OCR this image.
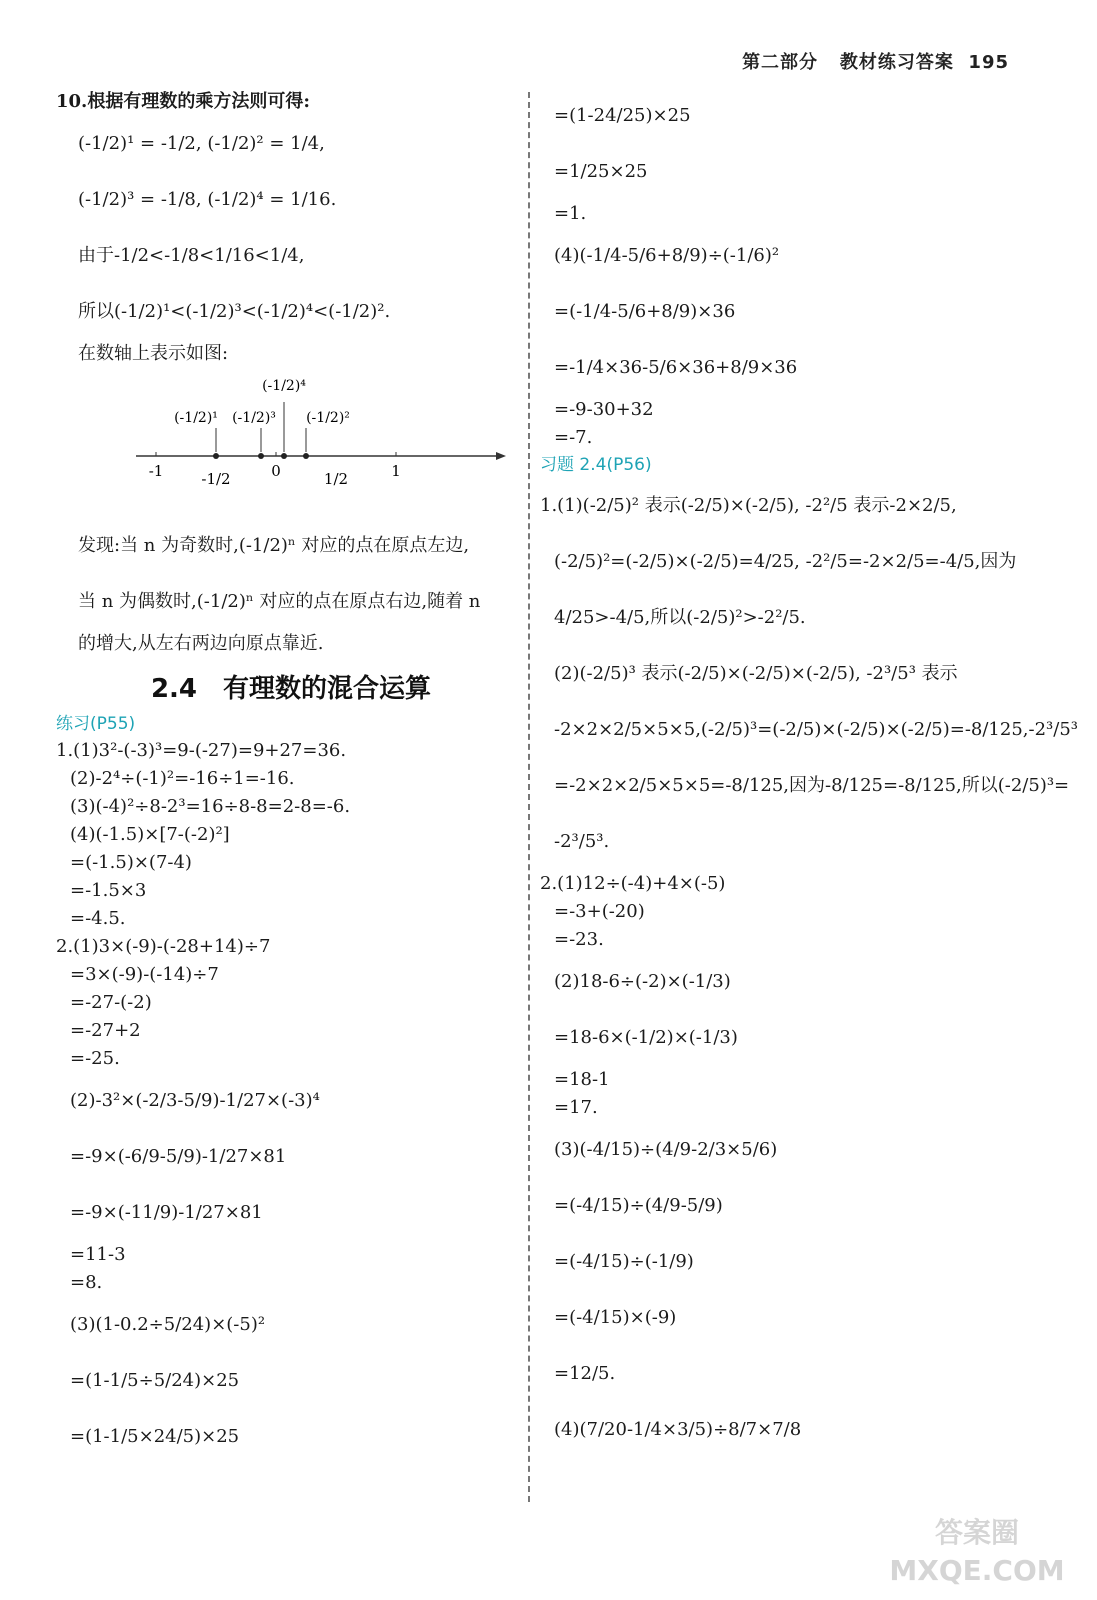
第二部分 教材练习答案 195
10.根据有理数的乘方法则可得:
(-1/2)¹ = -1/2, (-1/2)² = 1/4,
(-1/2)³ = -1/8, (-1/2)⁴ = 1/16.
由于-1/2<-1/8<1/16<1/4,
所以(-1/2)¹<(-1/2)³<(-1/2)⁴<(-1/2)².
在数轴上表示如图:
(-1/2)⁴
(-1/2)¹ (-1/2)³ (-1/2)²
-1	0	1
-1/2	1/2
发现:当 n 为奇数时,(-1/2)ⁿ 对应的点在原点左边,
当 n 为偶数时,(-1/2)ⁿ 对应的点在原点右边,随着 n
的增大,从左右两边向原点靠近.
2.4 有理数的混合运算
练习(P55)
1.(1)3²-(-3)³=9-(-27)=9+27=36.
(2)-2⁴÷(-1)²=-16÷1=-16.
(3)(-4)²÷8-2³=16÷8-8=2-8=-6.
(4)(-1.5)×[7-(-2)²]
=(-1.5)×(7-4)
=-1.5×3
=-4.5.
2.(1)3×(-9)-(-28+14)÷7
=3×(-9)-(-14)÷7
=-27-(-2)
=-27+2
=-25.
(2)-3²×(-2/3-5/9)-1/27×(-3)⁴
=-9×(-6/9-5/9)-1/27×81
=-9×(-11/9)-1/27×81
=11-3
=8.
(3)(1-0.2÷5/24)×(-5)²
=(1-1/5÷5/24)×25
=(1-1/5×24/5)×25
=(1-24/25)×25
=1/25×25
=1.
(4)(-1/4-5/6+8/9)÷(-1/6)²
=(-1/4-5/6+8/9)×36
=-1/4×36-5/6×36+8/9×36
=-9-30+32
=-7.
习题 2.4(P56)
1.(1)(-2/5)² 表示(-2/5)×(-2/5), -2²/5 表示-2×2/5,
(-2/5)²=(-2/5)×(-2/5)=4/25, -2²/5=-2×2/5=-4/5,因为
4/25>-4/5,所以(-2/5)²>-2²/5.
(2)(-2/5)³ 表示(-2/5)×(-2/5)×(-2/5), -2³/5³ 表示
-2×2×2/5×5×5,(-2/5)³=(-2/5)×(-2/5)×(-2/5)=-8/125,-2³/5³
=-2×2×2/5×5×5=-8/125,因为-8/125=-8/125,所以(-2/5)³=
-2³/5³.
2.(1)12÷(-4)+4×(-5)
=-3+(-20)
=-23.
(2)18-6÷(-2)×(-1/3)
=18-6×(-1/2)×(-1/3)
=18-1
=17.
(3)(-4/15)÷(4/9-2/3×5/6)
=(-4/15)÷(4/9-5/9)
=(-4/15)÷(-1/9)
=(-4/15)×(-9)
=12/5.
(4)(7/20-1/4×3/5)÷8/7×7/8
答案圈
MXQE.COM
